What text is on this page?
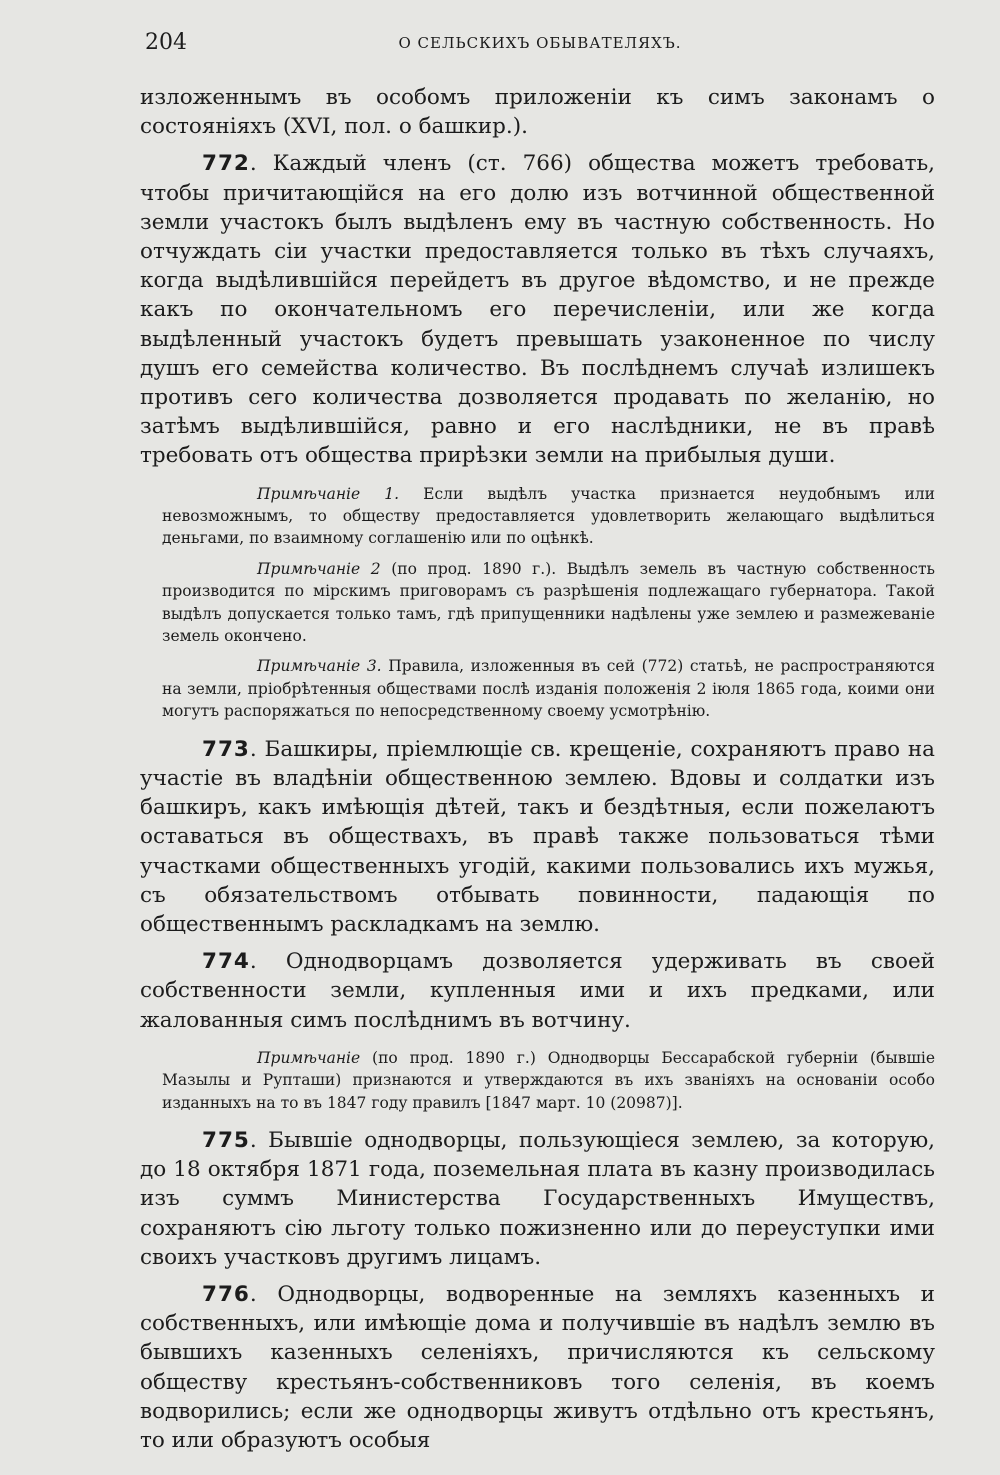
204	О СЕЛЬСКИХЪ ОБЫВАТЕЛЯХЪ.

изложеннымъ въ особомъ приложеніи къ симъ законамъ о состояніяхъ (XVI, пол. о башкир.).

772. Каждый членъ (ст. 766) общества можетъ требовать, чтобы причитающійся на его долю изъ вотчинной общественной земли участокъ былъ выдѣленъ ему въ частную собственность. Но отчуждать сіи участки предоставляется только въ тѣхъ случаяхъ, когда выдѣлившійся перейдетъ въ другое вѣдомство, и не прежде какъ по окончательномъ его перечисленіи, или же когда выдѣленный участокъ будетъ превышать узаконенное по числу душъ его семейства количество. Въ послѣднемъ случаѣ излишекъ противъ сего количества дозволяется продавать по желанію, но затѣмъ выдѣлившійся, равно и его наслѣдники, не въ правѣ требовать отъ общества прирѣзки земли на прибылыя души.

Примѣчаніе 1. Если выдѣлъ участка признается неудобнымъ или невозможнымъ, то обществу предоставляется удовлетворить желающаго выдѣлиться деньгами, по взаимному соглашенію или по оцѣнкѣ.

Примѣчаніе 2 (по прод. 1890 г.). Выдѣлъ земель въ частную собственность производится по мірскимъ приговорамъ съ разрѣшенія подлежащаго губернатора. Такой выдѣлъ допускается только тамъ, гдѣ припущенники надѣлены уже землею и размежеваніе земель окончено.

Примѣчаніе 3. Правила, изложенныя въ сей (772) статьѣ, не распространяются на земли, пріобрѣтенныя обществами послѣ изданія положенія 2 іюля 1865 года, коими они могутъ распоряжаться по непосредственному своему усмотрѣнію.

773. Башкиры, пріемлющіе св. крещеніе, сохраняютъ право на участіе въ владѣніи общественною землею. Вдовы и солдатки изъ башкиръ, какъ имѣющія дѣтей, такъ и бездѣтныя, если пожелаютъ оставаться въ обществахъ, въ правѣ также пользоваться тѣми участками общественныхъ угодій, какими пользовались ихъ мужья, съ обязательствомъ отбывать повинности, падающія по общественнымъ раскладкамъ на землю.

774. Однодворцамъ дозволяется удерживать въ своей собственности земли, купленныя ими и ихъ предками, или жалованныя симъ послѣднимъ въ вотчину.

Примѣчаніе (по прод. 1890 г.) Однодворцы Бессарабской губерніи (бывшіе Мазылы и Рупташи) признаются и утверждаются въ ихъ званіяхъ на основаніи особо изданныхъ на то въ 1847 году правилъ [1847 март. 10 (20987)].

775. Бывшіе однодворцы, пользующіеся землею, за которую, до 18 октября 1871 года, поземельная плата въ казну производилась изъ суммъ Министерства Государственныхъ Имуществъ, сохраняютъ сію льготу только пожизненно или до переуступки ими своихъ участковъ другимъ лицамъ.

776. Однодворцы, водворенные на земляхъ казенныхъ и собственныхъ, или имѣющіе дома и получившіе въ надѣлъ землю въ бывшихъ казенныхъ селеніяхъ, причисляются къ сельскому обществу крестьянъ-собственниковъ того селенія, въ коемъ водворились; если же однодворцы живутъ отдѣльно отъ крестьянъ, то или образуютъ особыя
